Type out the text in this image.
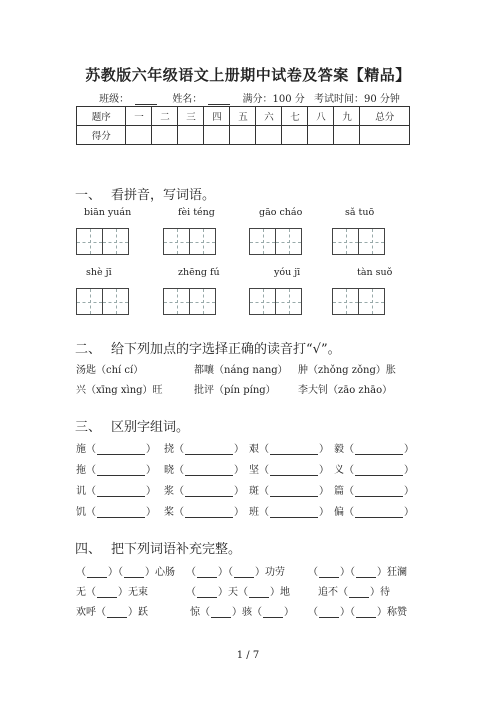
苏教版六年级语文上册期中试卷及答案【精品】
班级：	姓名：	满分：100 分 考试时间：90 分钟
题序	一	二	三	四	五	六	七	八	九	总分
得分										
一、 看拼音，写词语。
biān yuán	fèi téng	gāo cháo	sǎ tuō
shè jī	zhēng fú	yóu jī	tàn suǒ
二、 给下列加点的字选择正确的读音打“√”。
汤匙（chí cí）	都嚷（náng nang） 肿（zhǒng zǒng）胀
兴（xīng xìng）旺	批评（pín píng） 李大钊（zāo zhāo）
三、 区别字组词。
施（	） 挠（	） 艰（	） 毅（	）
拖（	） 晓（	） 坚（	） 义（	）
讥（	） 浆（	） 斑（	） 篇（	）
饥（	） 桨（	） 班（	） 偏（	）
四、 把下列词语补充完整。
（ ）（ ）心肠 （ ）（ ）功劳 （ ）（ ）狂澜
无（ ）无束	（ ）天（ ）地	追不（ ）待
欢呼（ ）跃	惊（ ）骇（ ） （ ）（ ）称赞
1 / 7
